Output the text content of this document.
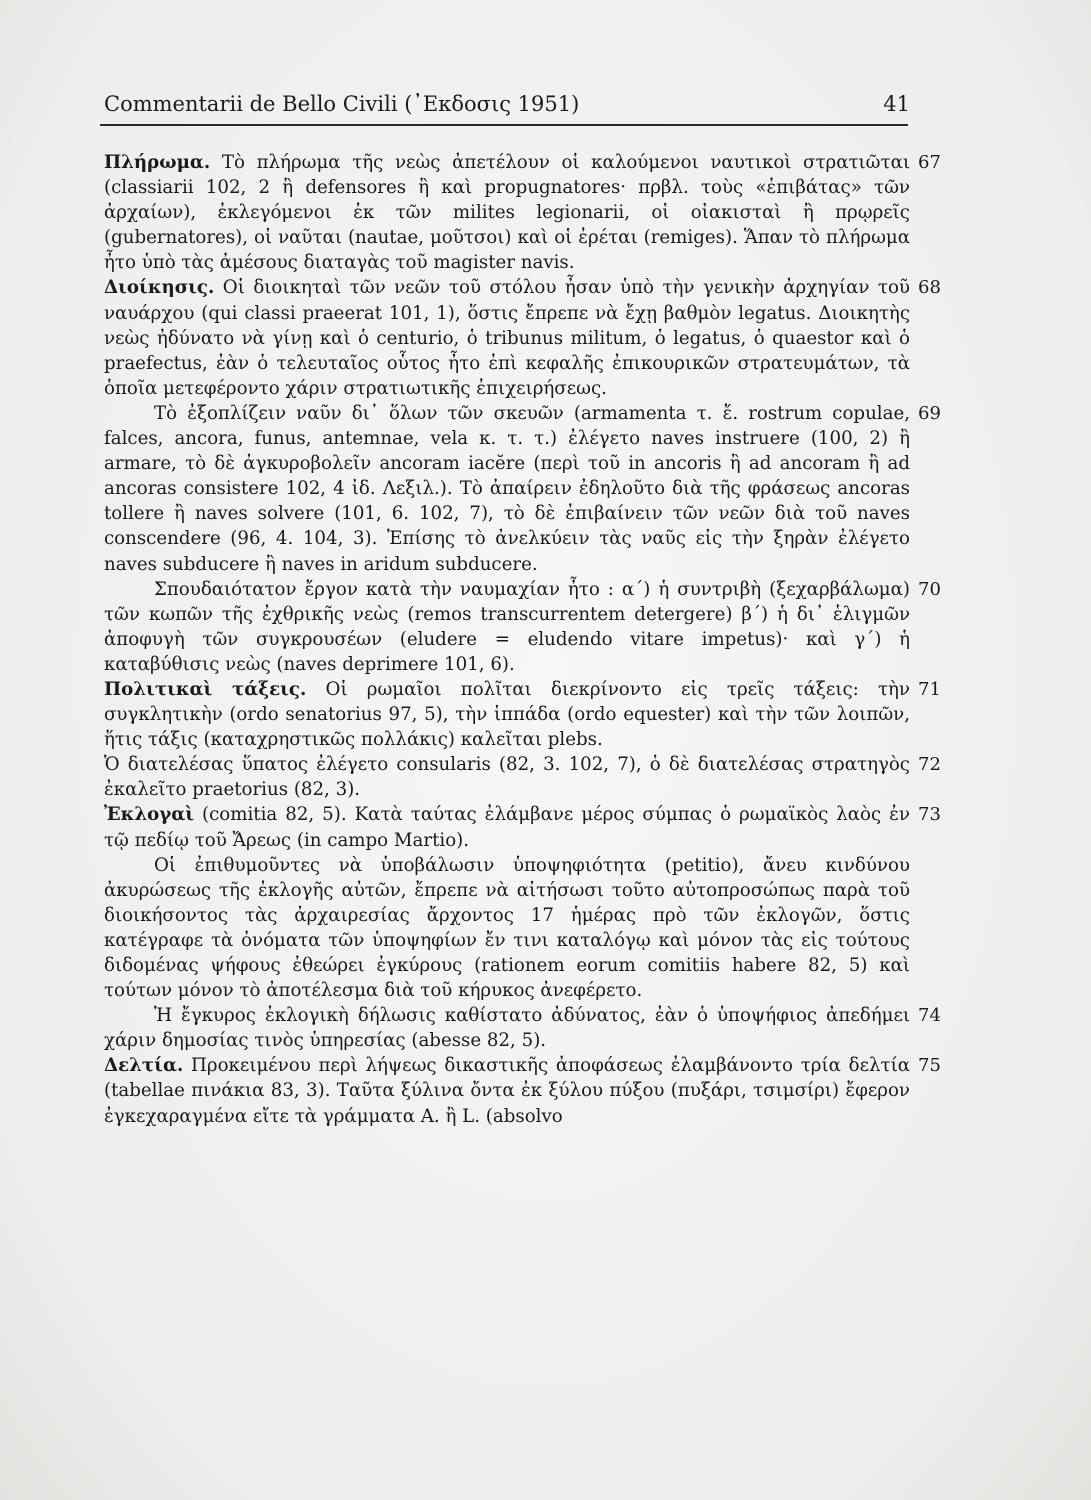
Commentarii de Bello Civili (᾿Εκδοσις 1951)	41

67
Πλήρωμα. Τὸ πλήρωμα τῆς νεὼς ἀπετέλουν οἱ καλούμενοι ναυτικοὶ στρατιῶται (classiarii 102, 2 ἢ defensores ἢ καὶ propugnatores· πρβλ. τοὺς «ἐπιβάτας» τῶν ἀρχαίων), ἐκλεγόμενοι ἐκ τῶν milites legionarii, οἱ οἰακισταὶ ἢ πρῳρεῖς (gubernatores), οἱ ναῦται (nautae, μοῦτσοι) καὶ οἱ ἐρέται (remiges). Ἅπαν τὸ πλήρωμα ἦτο ὑπὸ τὰς ἀμέσους διαταγὰς τοῦ magister navis.

68
Διοίκησις. Οἱ διοικηταὶ τῶν νεῶν τοῦ στόλου ἦσαν ὑπὸ τὴν γενικὴν ἀρχηγίαν τοῦ ναυάρχου (qui classi praeerat 101, 1), ὅστις ἔπρεπε νὰ ἔχῃ βαθμὸν legatus. Διοικητὴς νεὼς ἠδύνατο νὰ γίνῃ καὶ ὁ centurio, ὁ tribunus militum, ὁ legatus, ὁ quaestor καὶ ὁ praefectus, ἐὰν ὁ τελευταῖος οὗτος ἦτο ἐπὶ κεφαλῆς ἐπικουρικῶν στρατευμάτων, τὰ ὁποῖα μετεφέροντο χάριν στρατιωτικῆς ἐπιχειρήσεως.

69
Τὸ ἐξοπλίζειν ναῦν δι᾿ ὅλων τῶν σκευῶν (armamenta τ. ἔ. rostrum copulae, falces, ancora, funus, antemnae, vela κ. τ. τ.) ἐλέγετο naves instruere (100, 2) ἢ armare, τὸ δὲ ἀγκυροβολεῖν ancoram iacĕre (περὶ τοῦ in ancoris ἢ ad ancoram ἢ ad ancoras consistere 102, 4 ἰδ. Λεξιλ.). Τὸ ἀπαίρειν ἐδηλοῦτο διὰ τῆς φράσεως ancoras tollere ἢ naves solvere (101, 6. 102, 7), τὸ δὲ ἐπιβαίνειν τῶν νεῶν διὰ τοῦ naves conscendere (96, 4. 104, 3). Ἐπίσης τὸ ἀνελκύειν τὰς ναῦς εἰς τὴν ξηρὰν ἐλέγετο naves subducere ἢ naves in aridum subducere.

70
Σπουδαιότατον ἔργον κατὰ τὴν ναυμαχίαν ἦτο : α΄) ἡ συντριβὴ (ξεχαρβάλωμα) τῶν κωπῶν τῆς ἐχθρικῆς νεὼς (remos transcurrentem detergere) β΄) ἡ δι᾿ ἑλιγμῶν ἀποφυγὴ τῶν συγκρουσέων (eludere = eludendo vitare impetus)· καὶ γ΄) ἡ καταβύθισις νεὼς (naves deprimere 101, 6).

71
Πολιτικαὶ τάξεις. Οἱ ρωμαῖοι πολῖται διεκρίνοντο εἰς τρεῖς τάξεις: τὴν συγκλητικὴν (ordo senatorius 97, 5), τὴν ἱππάδα (ordo equester) καὶ τὴν τῶν λοιπῶν, ἥτις τάξις (καταχρηστικῶς πολλάκις) καλεῖται plebs.

72
Ὁ διατελέσας ὕπατος ἐλέγετο consularis (82, 3. 102, 7), ὁ δὲ διατελέσας στρατηγὸς ἐκαλεῖτο praetorius (82, 3).

73
Ἐκλογαὶ (comitia 82, 5). Κατὰ ταύτας ἐλάμβανε μέρος σύμπας ὁ ρωμαϊκὸς λαὸς ἐν τῷ πεδίῳ τοῦ Ἄρεως (in campo Martio).

Οἱ ἐπιθυμοῦντες νὰ ὑποβάλωσιν ὑποψηφιότητα (petitio), ἄνευ κινδύνου ἀκυρώσεως τῆς ἐκλογῆς αὐτῶν, ἔπρεπε νὰ αἰτήσωσι τοῦτο αὐτοπροσώπως παρὰ τοῦ διοικήσοντος τὰς ἀρχαιρεσίας ἄρχοντος 17 ἡμέρας πρὸ τῶν ἐκλογῶν, ὅστις κατέγραφε τὰ ὀνόματα τῶν ὑποψηφίων ἔν τινι καταλόγῳ καὶ μόνον τὰς εἰς τούτους διδομένας ψήφους ἐθεώρει ἐγκύρους (rationem eorum comitiis habere 82, 5) καὶ τούτων μόνον τὸ ἀποτέλεσμα διὰ τοῦ κήρυκος ἀνεφέρετο.

74
Ἡ ἔγκυρος ἐκλογικὴ δήλωσις καθίστατο ἀδύνατος, ἐὰν ὁ ὑποψήφιος ἀπεδήμει χάριν δημοσίας τινὸς ὑπηρεσίας (abesse 82, 5).

75
Δελτία. Προκειμένου περὶ λήψεως δικαστικῆς ἀποφάσεως ἐλαμβάνοντο τρία δελτία (tabellae πινάκια 83, 3). Ταῦτα ξύλινα ὄντα ἐκ ξύλου πύξου (πυξάρι, τσιμσίρι) ἔφερον ἐγκεχαραγμένα εἴτε τὰ γράμματα A. ἢ L. (absolvo
